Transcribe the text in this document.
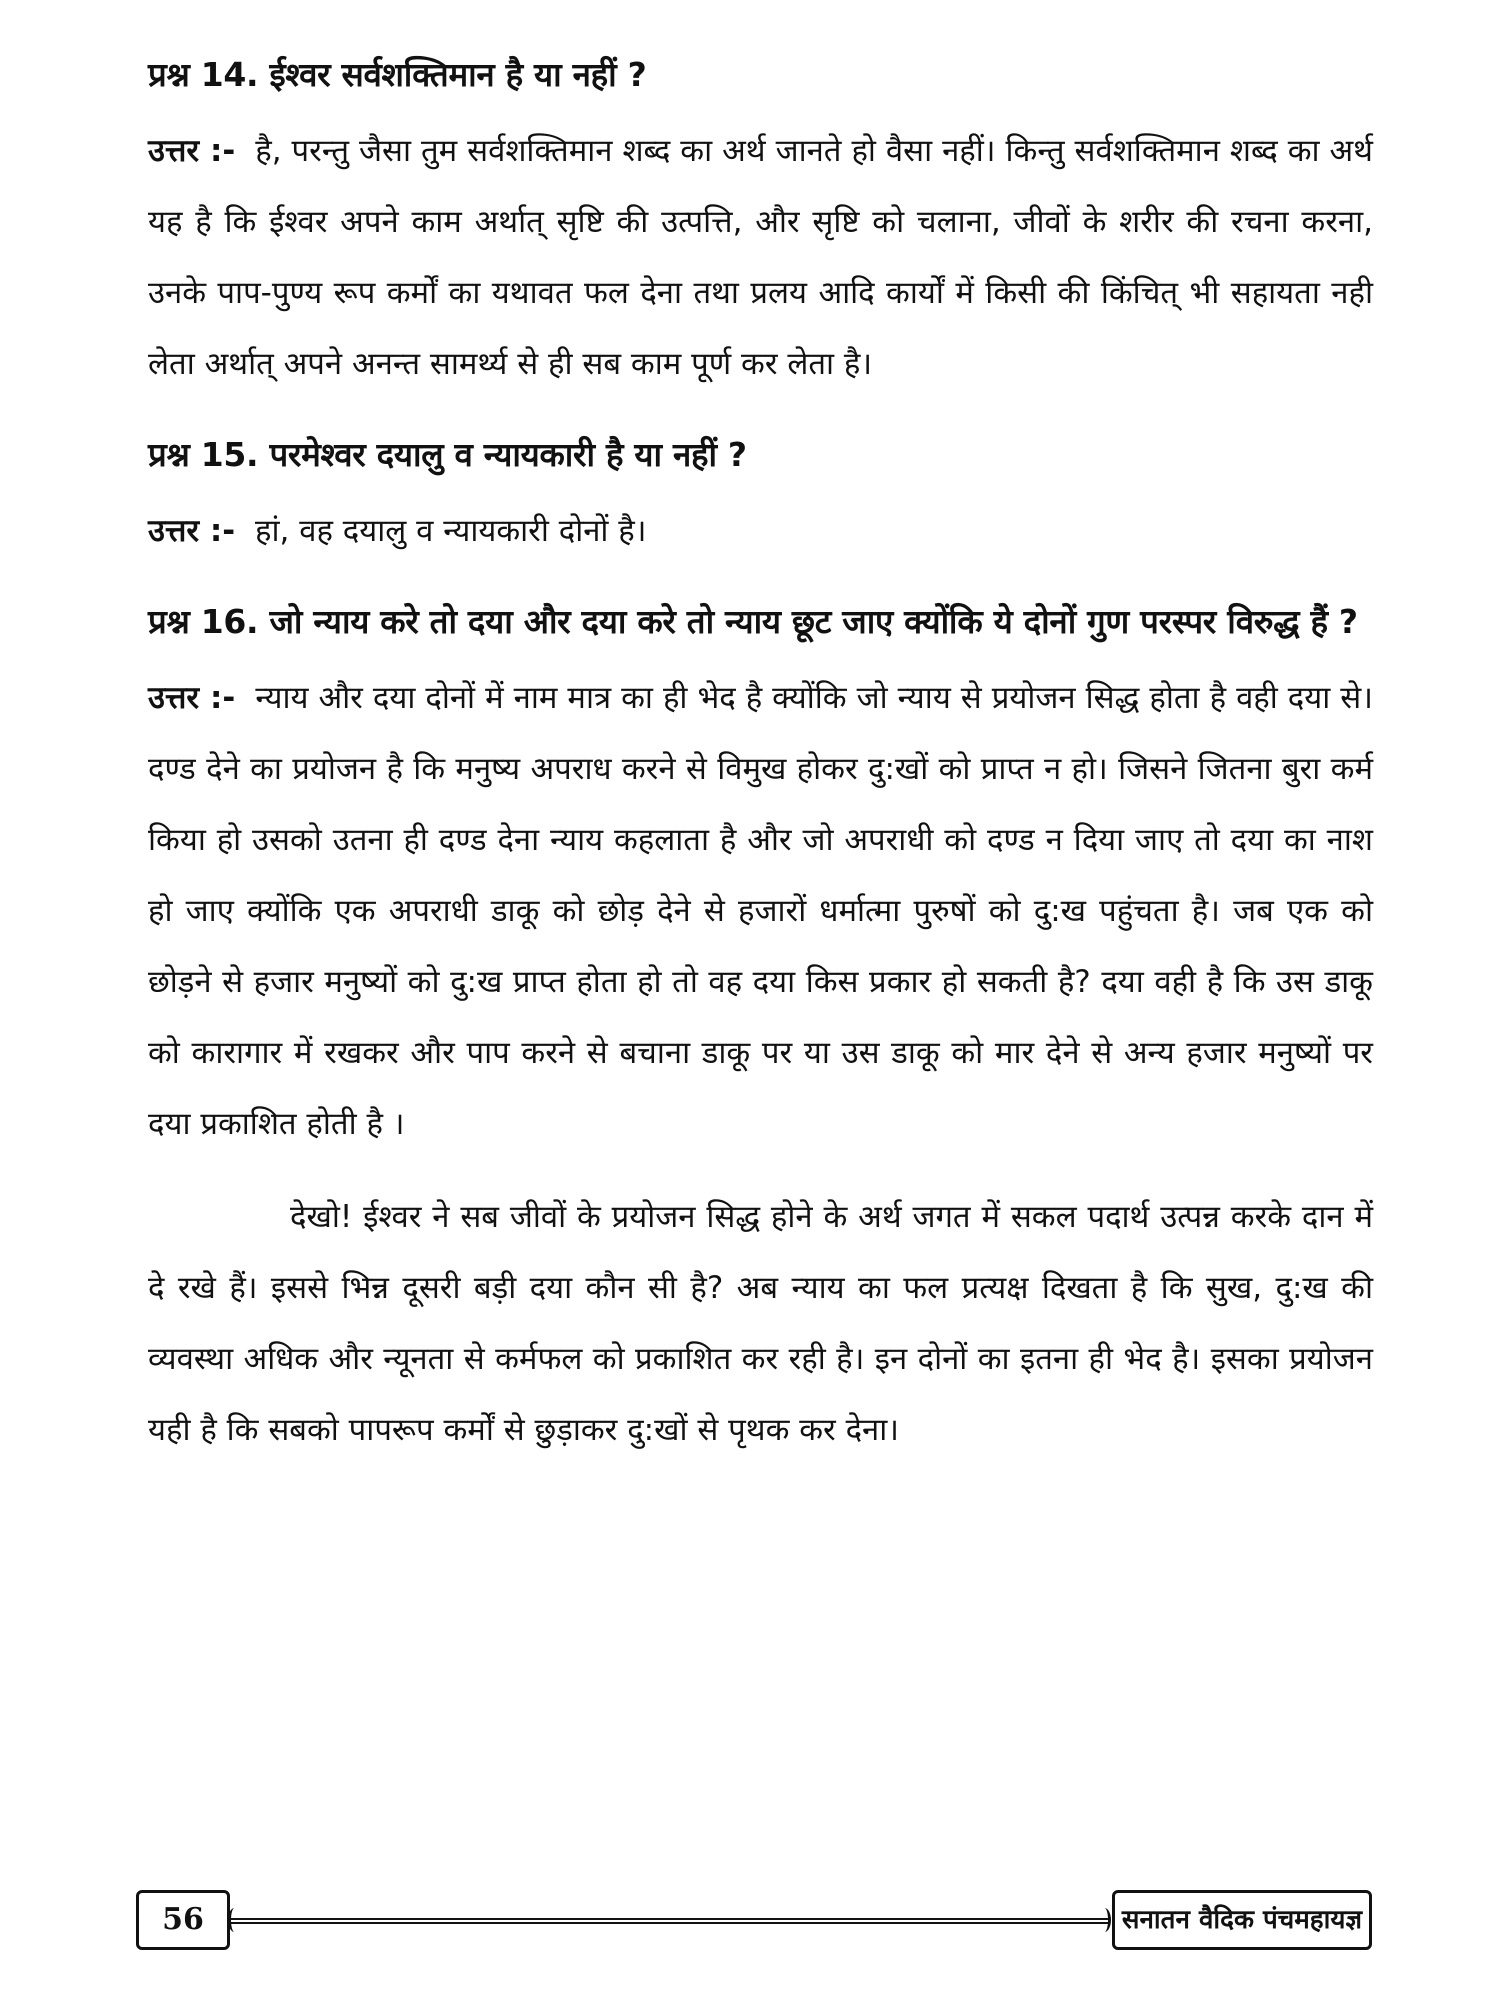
प्रश्न 14. ईश्वर सर्वशक्तिमान है या नहीं ?

उत्तर :- है, परन्तु जैसा तुम सर्वशक्तिमान शब्द का अर्थ जानते हो वैसा नहीं। किन्तु सर्वशक्तिमान शब्द का अर्थ यह है कि ईश्वर अपने काम अर्थात् सृष्टि की उत्पत्ति, और सृष्टि को चलाना, जीवों के शरीर की रचना करना, उनके पाप-पुण्य रूप कर्मों का यथावत फल देना तथा प्रलय आदि कार्यों में किसी की किंचित् भी सहायता नही लेता अर्थात् अपने अनन्त सामर्थ्य से ही सब काम पूर्ण कर लेता है।

प्रश्न 15. परमेश्वर दयालु व न्यायकारी है या नहीं ?

उत्तर :- हां, वह दयालु व न्यायकारी दोनों है।

प्रश्न 16. जो न्याय करे तो दया और दया करे तो न्याय छूट जाए क्योंकि ये दोनों गुण परस्पर विरुद्ध हैं ?

उत्तर :- न्याय और दया दोनों में नाम मात्र का ही भेद है क्योंकि जो न्याय से प्रयोजन सिद्ध होता है वही दया से। दण्ड देने का प्रयोजन है कि मनुष्य अपराध करने से विमुख होकर दु:खों को प्राप्त न हो। जिसने जितना बुरा कर्म किया हो उसको उतना ही दण्ड देना न्याय कहलाता है और जो अपराधी को दण्ड न दिया जाए तो दया का नाश हो जाए क्योंकि एक अपराधी डाकू को छोड़ देने से हजारों धर्मात्मा पुरुषों को दु:ख पहुंचता है। जब एक को छोड़ने से हजार मनुष्यों को दु:ख प्राप्त होता हो तो वह दया किस प्रकार हो सकती है? दया वही है कि उस डाकू को कारागार में रखकर और पाप करने से बचाना डाकू पर या उस डाकू को मार देने से अन्य हजार मनुष्यों पर दया प्रकाशित होती है ।

देखो! ईश्वर ने सब जीवों के प्रयोजन सिद्ध होने के अर्थ जगत में सकल पदार्थ उत्पन्न करके दान में दे रखे हैं। इससे भिन्न दूसरी बड़ी दया कौन सी है? अब न्याय का फल प्रत्यक्ष दिखता है कि सुख, दु:ख की व्यवस्था अधिक और न्यूनता से कर्मफल को प्रकाशित कर रही है। इन दोनों का इतना ही भेद है। इसका प्रयोजन यही है कि सबको पापरूप कर्मों से छुड़ाकर दु:खों से पृथक कर देना।

56	सनातन वैदिक पंचमहायज्ञ
